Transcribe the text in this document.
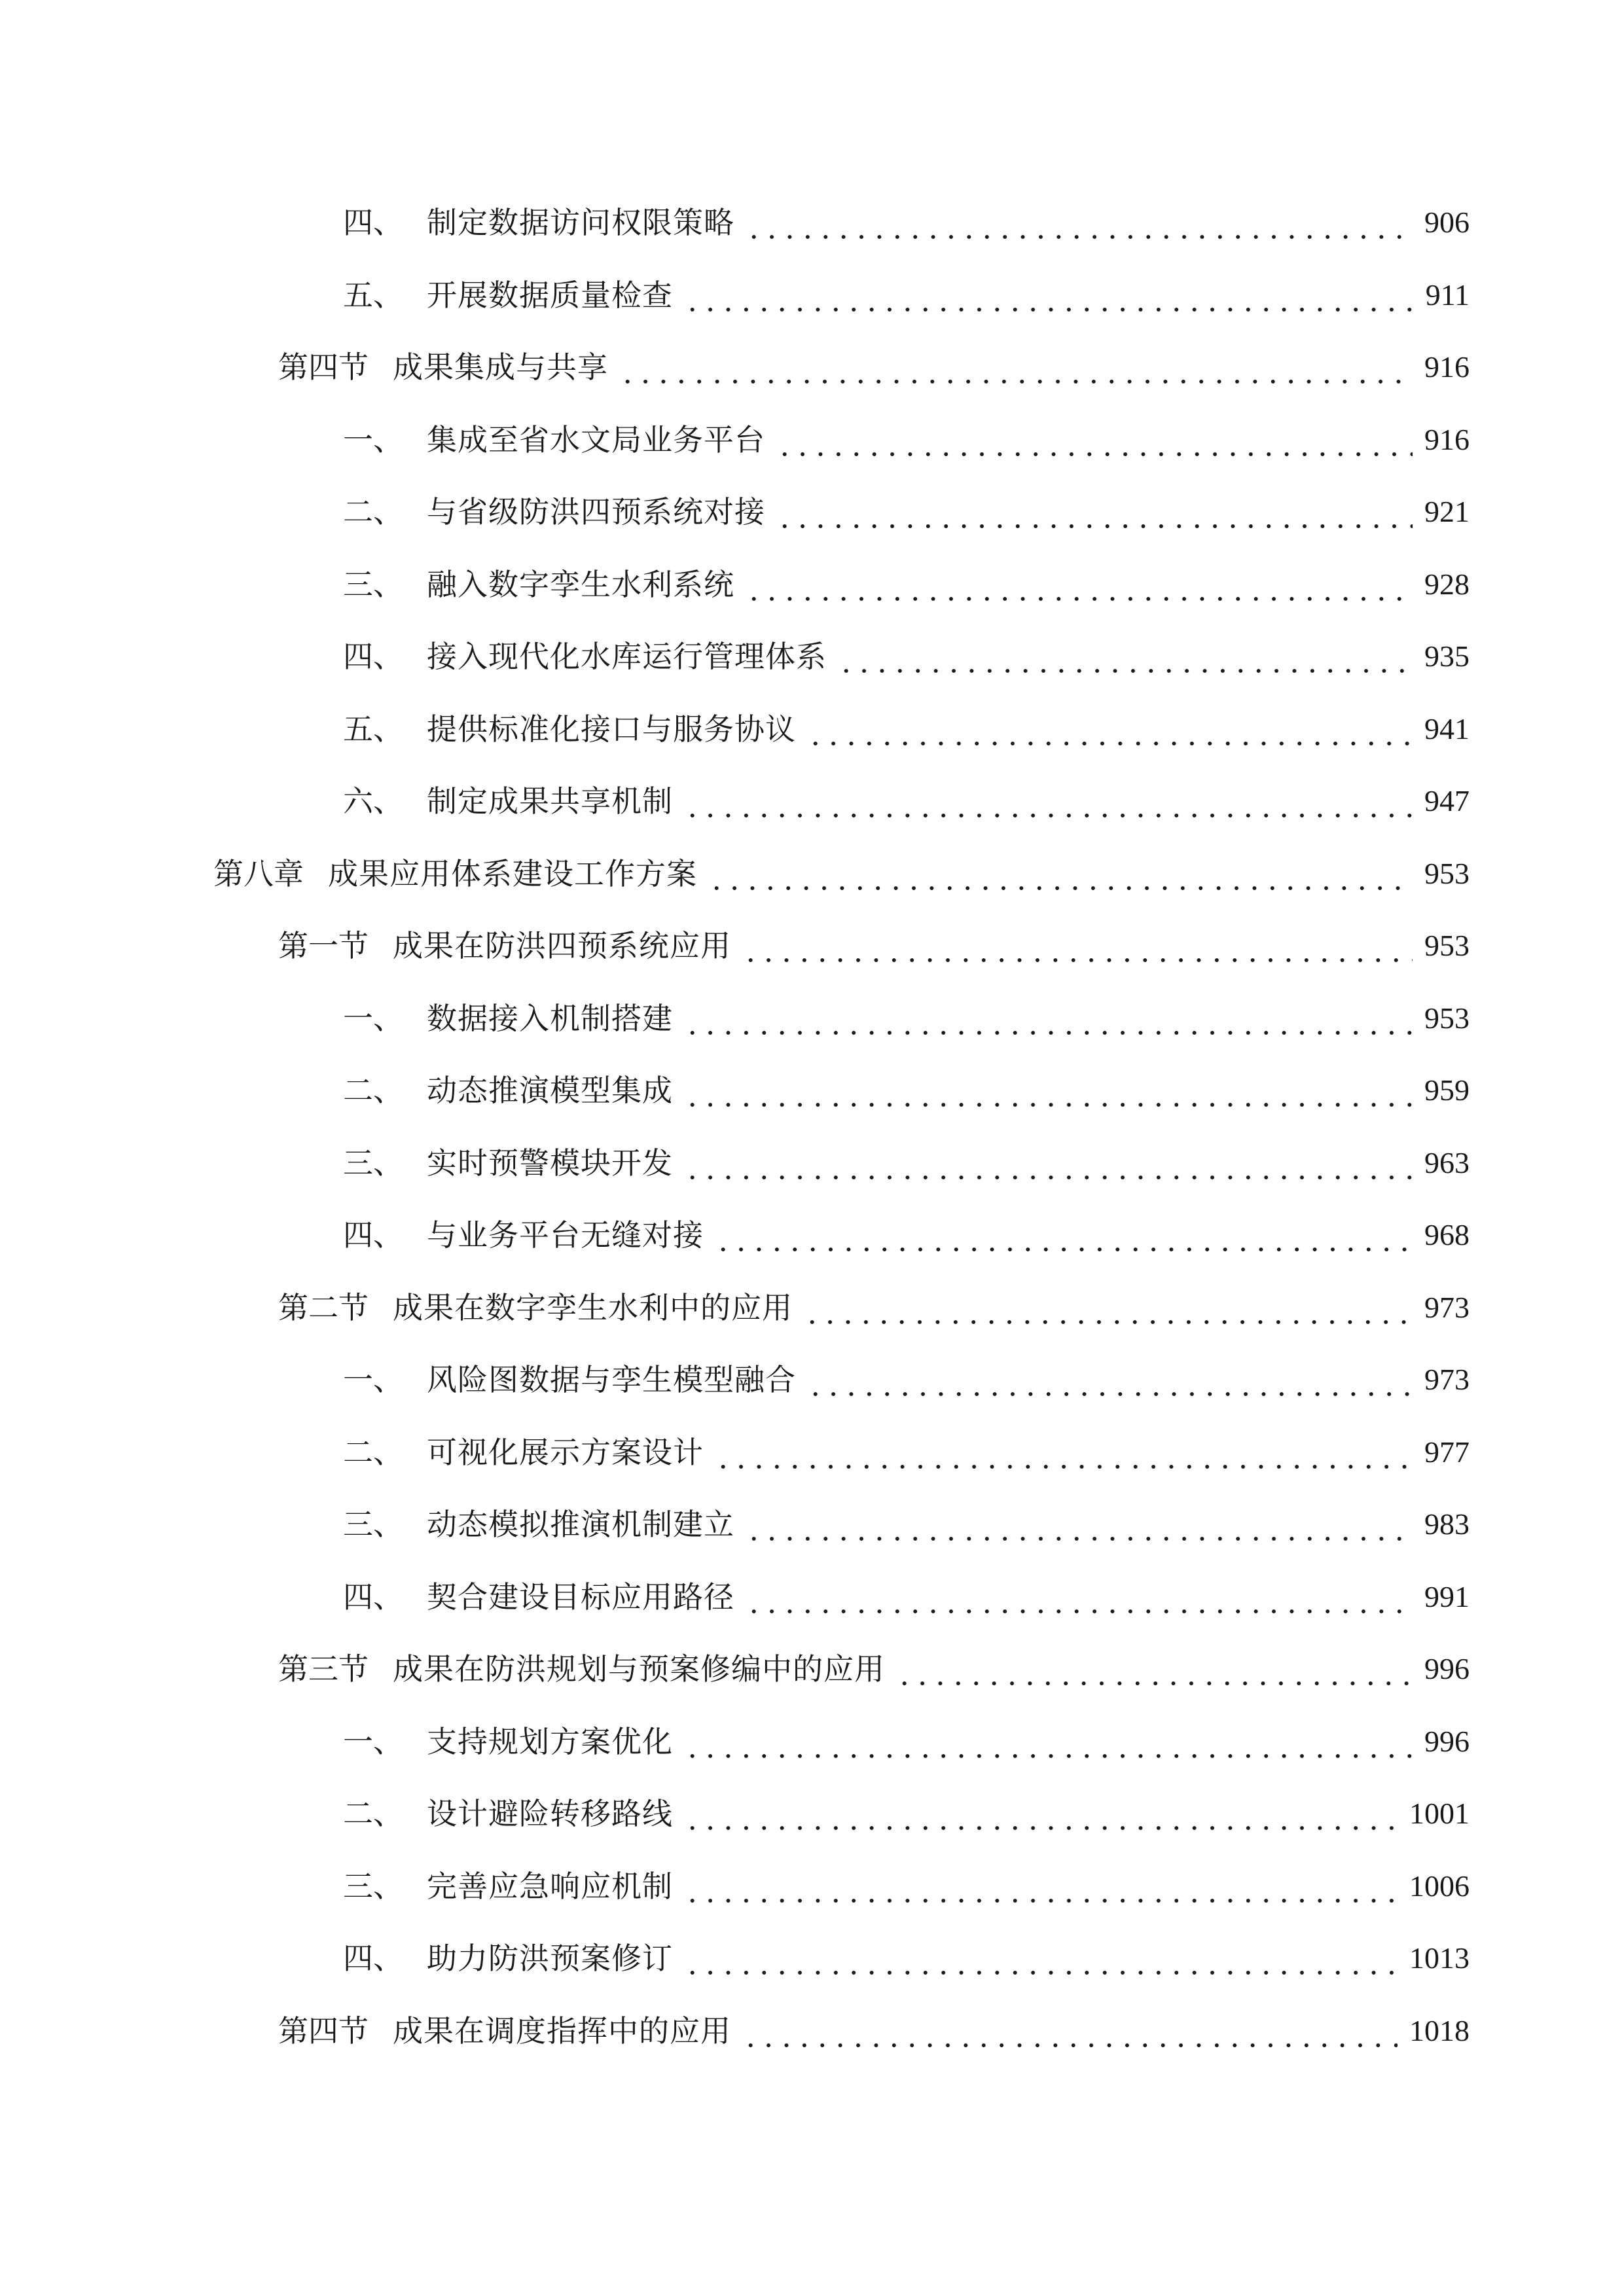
四、 制定数据访问权限策略	906
五、 开展数据质量检查	911
第四节 成果集成与共享	916
一、 集成至省水文局业务平台	916
二、 与省级防洪四预系统对接	921
三、 融入数字孪生水利系统	928
四、 接入现代化水库运行管理体系	935
五、 提供标准化接口与服务协议	941
六、 制定成果共享机制	947
第八章 成果应用体系建设工作方案	953
第一节 成果在防洪四预系统应用	953
一、 数据接入机制搭建	953
二、 动态推演模型集成	959
三、 实时预警模块开发	963
四、 与业务平台无缝对接	968
第二节 成果在数字孪生水利中的应用	973
一、 风险图数据与孪生模型融合	973
二、 可视化展示方案设计	977
三、 动态模拟推演机制建立	983
四、 契合建设目标应用路径	991
第三节 成果在防洪规划与预案修编中的应用	996
一、 支持规划方案优化	996
二、 设计避险转移路线	1001
三、 完善应急响应机制	1006
四、 助力防洪预案修订	1013
第四节 成果在调度指挥中的应用	1018
